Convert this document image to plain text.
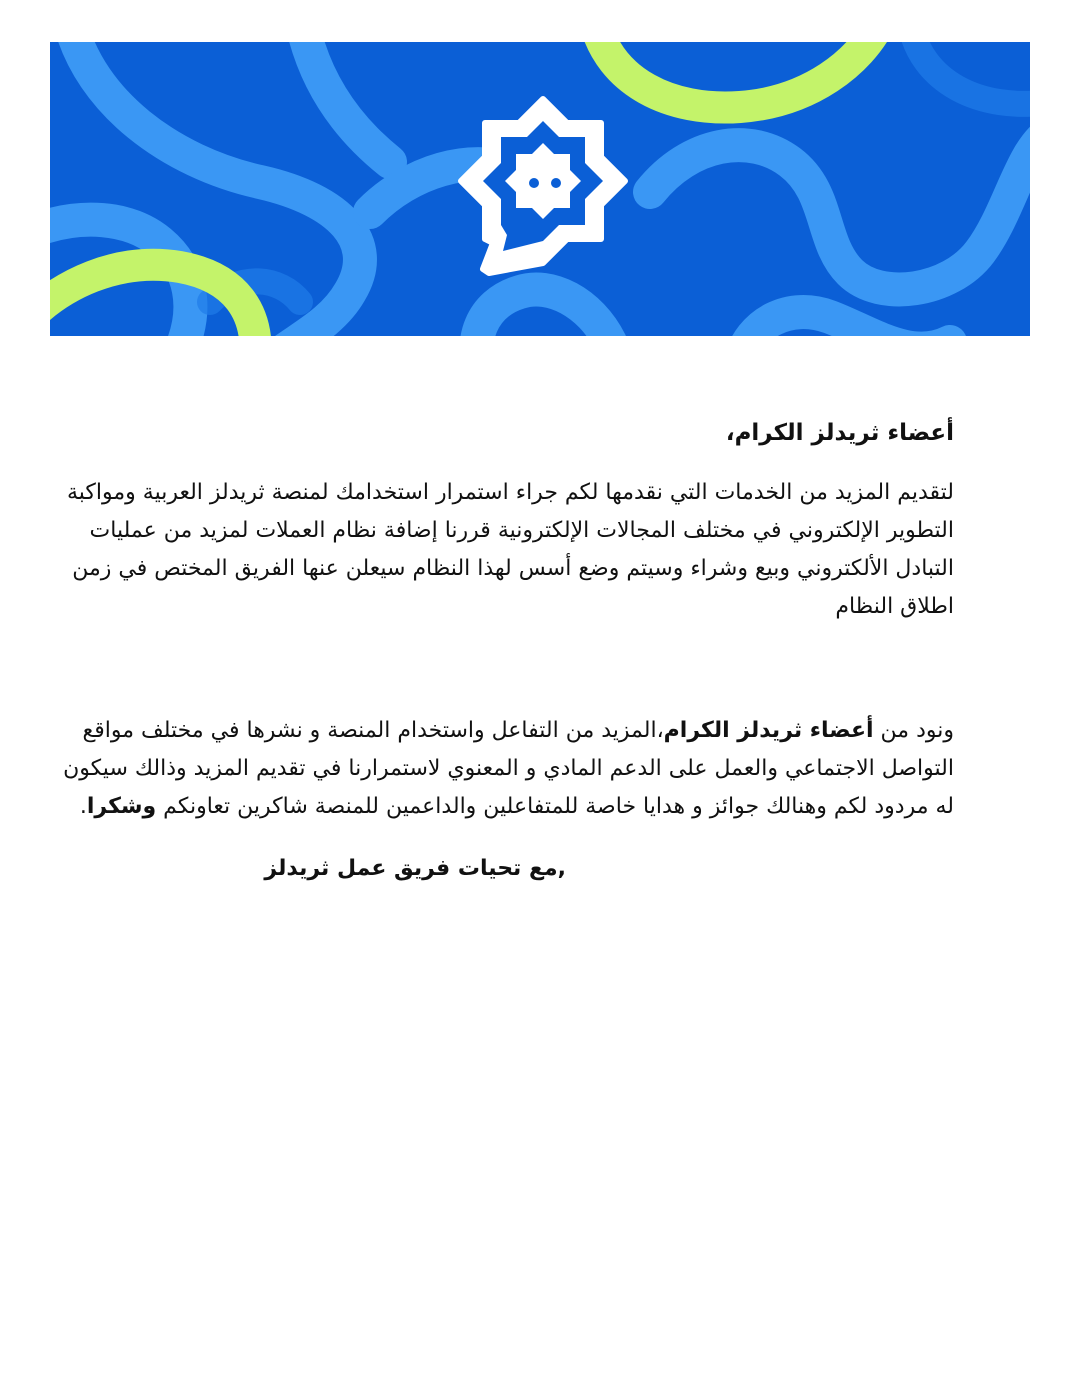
أعضاء ثريدلز الكرام،

لتقديم المزيد من الخدمات التي نقدمها لكم جراء استمرار استخدامك لمنصة ثريدلز العربية ومواكبة التطوير الإلكتروني في مختلف المجالات الإلكترونية قررنا إضافة نظام العملات لمزيد من عمليات التبادل الألكتروني وبيع وشراء وسيتم وضع أسس لهذا النظام سيعلن عنها الفريق المختص في زمن اطلاق النظام

ونود من أعضاء ثريدلز الكرام،المزيد من التفاعل واستخدام المنصة و نشرها في مختلف مواقع التواصل الاجتماعي والعمل على الدعم المادي و المعنوي لاستمرارنا في تقديم المزيد وذالك سيكون له مردود لكم وهنالك جوائز و هدايا خاصة للمتفاعلين والداعمين للمنصة شاكرين تعاونكم وشكرا.

,مع تحيات فريق عمل ثريدلز
